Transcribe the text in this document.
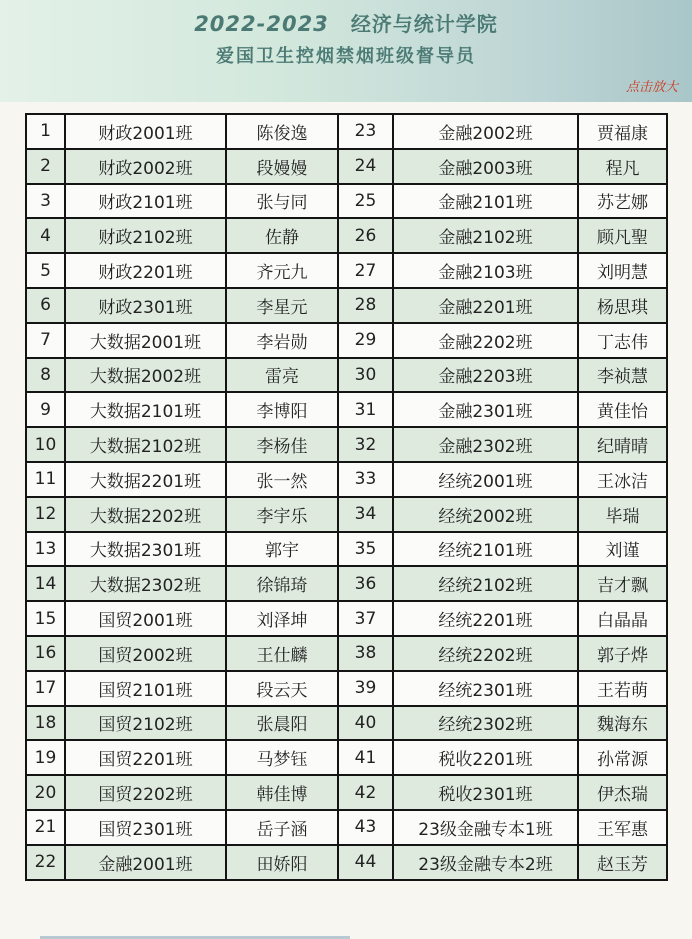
2022-2023 经济与统计学院
爱国卫生控烟禁烟班级督导员
点击放大
1	财政2001班	陈俊逸	23	金融2002班	贾福康
2	财政2002班	段嫚嫚	24	金融2003班	程凡
3	财政2101班	张与同	25	金融2101班	苏艺娜
4	财政2102班	佐静	26	金融2102班	顾凡聖
5	财政2201班	齐元九	27	金融2103班	刘明慧
6	财政2301班	李星元	28	金融2201班	杨思琪
7	大数据2001班	李岩勋	29	金融2202班	丁志伟
8	大数据2002班	雷亮	30	金融2203班	李祯慧
9	大数据2101班	李博阳	31	金融2301班	黄佳怡
10	大数据2102班	李杨佳	32	金融2302班	纪晴晴
11	大数据2201班	张一然	33	经统2001班	王冰洁
12	大数据2202班	李宇乐	34	经统2002班	毕瑞
13	大数据2301班	郭宇	35	经统2101班	刘谨
14	大数据2302班	徐锦琦	36	经统2102班	吉才飘
15	国贸2001班	刘泽坤	37	经统2201班	白晶晶
16	国贸2002班	王仕麟	38	经统2202班	郭子烨
17	国贸2101班	段云天	39	经统2301班	王若萌
18	国贸2102班	张晨阳	40	经统2302班	魏海东
19	国贸2201班	马梦钰	41	税收2201班	孙常源
20	国贸2202班	韩佳博	42	税收2301班	伊杰瑞
21	国贸2301班	岳子涵	43	23级金融专本1班	王军惠
22	金融2001班	田娇阳	44	23级金融专本2班	赵玉芳
